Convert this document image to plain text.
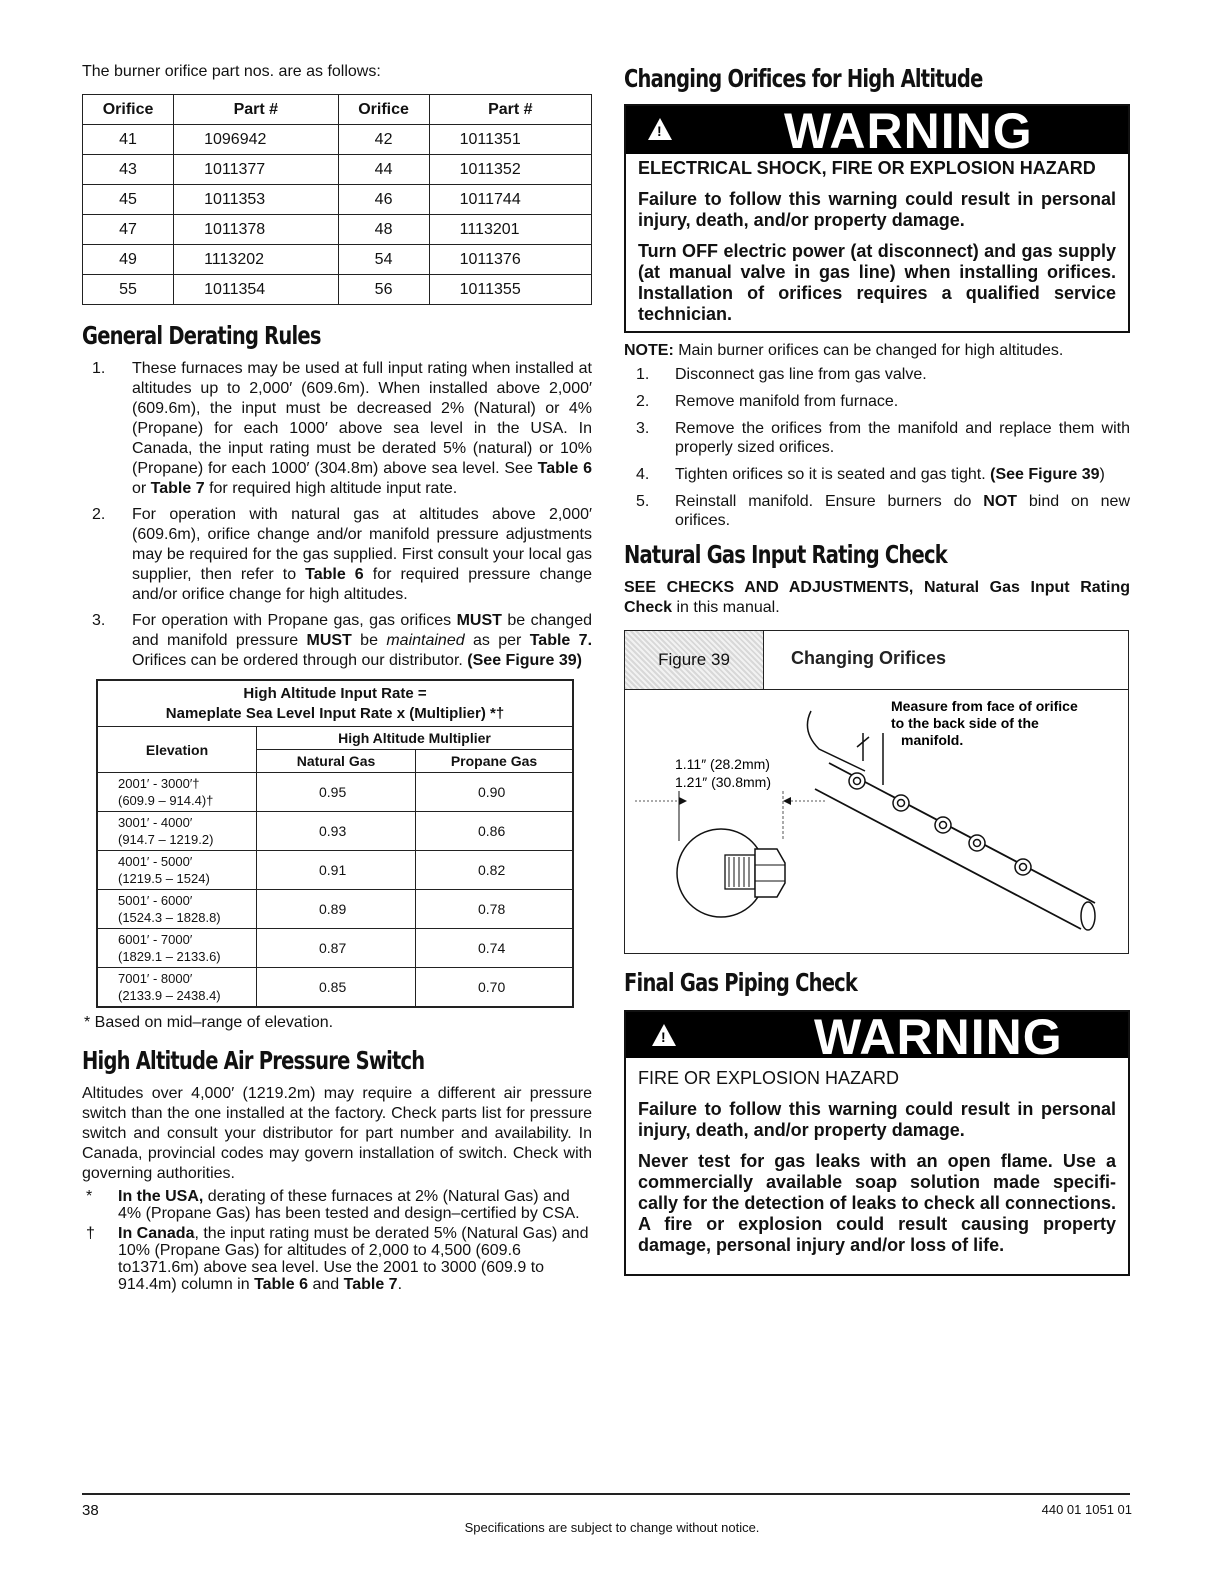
The burner orifice part nos. are as follows:

Orifice	Part #	Orifice	Part #
41	1096942	42	1011351
43	1011377	44	1011352
45	1011353	46	1011744
47	1011378	48	1113201
49	1113202	54	1011376
55	1011354	56	1011355
General Derating Rules
1.	These furnaces may be used at full input rating when installed at altitudes up to 2,000′ (609.6m). When installed above 2,000′ (609.6m), the input must be decreased 2% (Natural) or 4% (Propane) for each 1000′ above sea level in the USA. In Canada, the input rating must be derated 5% (natural) or 10% (Propane) for each 1000′ (304.8m) above sea level. See Table 6 or Table 7 for required high altitude input rate.
2.	For operation with natural gas at altitudes above 2,000′ (609.6m), orifice change and/or manifold pressure adjustments may be required for the gas supplied. First consult your local gas supplier, then refer to Table 6 for required pressure change and/or orifice change for high altitudes.
3.	For operation with Propane gas, gas orifices MUST be changed and manifold pressure MUST be maintained as per Table 7. Orifices can be ordered through our distributor. (See Figure 39)
High Altitude Input Rate =
Nameplate Sea Level Input Rate x (Multiplier) *†		

Elevation	High Altitude Multiplier	
	Natural Gas	Propane Gas

2001′ - 3000′†
(609.9 – 914.4)†	0.95	0.90

3001′ - 4000′
(914.7 – 1219.2)	0.93	0.86

4001′ - 5000′
(1219.5 – 1524)	0.91	0.82

5001′ - 6000′
(1524.3 – 1828.8)	0.89	0.78

6001′ - 7000′
(1829.1 – 2133.6)	0.87	0.74

7001′ - 8000′
(2133.9 – 2438.4)	0.85	0.70

* Based on mid–range of elevation.

High Altitude Air Pressure Switch

Altitudes over 4,000′ (1219.2m) may require a different air pressure switch than the one installed at the factory. Check parts list for pressure switch and consult your distributor for part number and availability. In Canada, provincial codes may govern installation of switch. Check with governing authorities.

*	In the USA, derating of these furnaces at 2% (Natural Gas) and 4% (Propane Gas) has been tested and design–certified by CSA.
†	In Canada, the input rating must be derated 5% (Natural Gas) and 10% (Propane Gas) for altitudes of 2,000 to 4,500 (609.6 to1371.6m) above sea level. Use the 2001 to 3000 (609.9 to 914.4m) column in Table 6 and Table 7.
Changing Orifices for High Altitude
! WARNING

ELECTRICAL SHOCK, FIRE OR EXPLOSION HAZARD

Failure to follow this warning could result in personal injury, death, and/or property damage.

Turn OFF electric power (at disconnect) and gas supply (at manual valve in gas line) when installing orifices. Installation of orifices requires a qualified service technician.

NOTE: Main burner orifices can be changed for high altitudes.

1.	Disconnect gas line from gas valve.
2.	Remove manifold from furnace.
3.	Remove the orifices from the manifold and replace them with properly sized orifices.
4.	Tighten orifices so it is seated and gas tight. (See Figure 39)
5.	Reinstall manifold. Ensure burners do NOT bind on new orifices.
Natural Gas Input Rating Check

SEE CHECKS AND ADJUSTMENTS, Natural Gas Input Rating Check in this manual.

Figure 39	Changing Orifices
Measure from face of orifice
to the back side of the
manifold.
1.11″ (28.2mm)
1.21″ (30.8mm)
Final Gas Piping Check
!	WARNING

FIRE OR EXPLOSION HAZARD

Failure to follow this warning could result in personal injury, death, and/or property damage.

Never test for gas leaks with an open flame. Use a commercially available soap solution made specifi- cally for the detection of leaks to check all connections. A fire or explosion could result causing property damage, personal injury and/or loss of life.

38	440 01 1051 01
Specifications are subject to change without notice.
